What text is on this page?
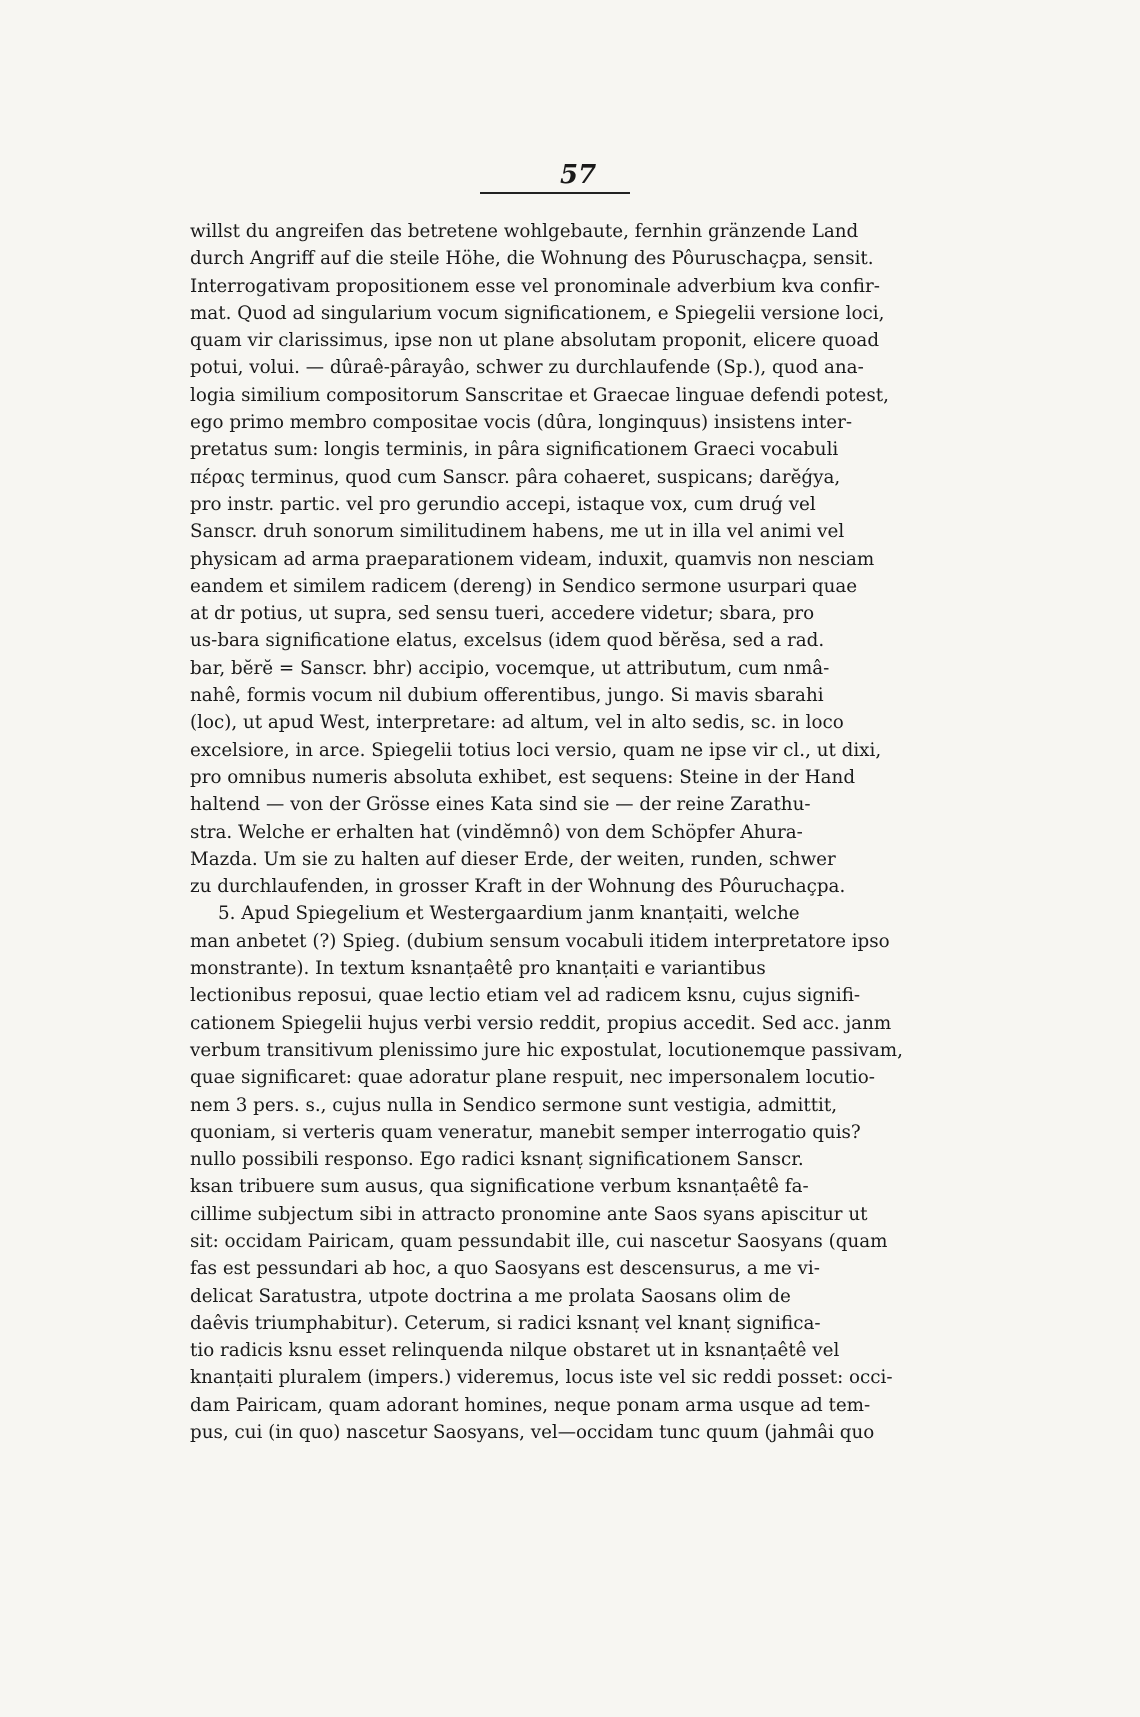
57
willst du angreifen das betretene wohlgebaute, fernhin gränzende Land
durch Angriff auf die steile Höhe, die Wohnung des Pôuruschaçpa, sensit.
Interrogativam propositionem esse vel pronominale adverbium kva confir-
mat. Quod ad singularium vocum significationem, e Spiegelii versione loci,
quam vir clarissimus, ipse non ut plane absolutam proponit, elicere quoad
potui, volui. — dûraê-pârayâo, schwer zu durchlaufende (Sp.), quod ana-
logia similium compositorum Sanscritae et Graecae linguae defendi potest,
ego primo membro compositae vocis (dûra, longinquus) insistens inter-
pretatus sum: longis terminis, in pâra significationem Graeci vocabuli
πέρας terminus, quod cum Sanscr. pâra cohaeret, suspicans; darĕǵya,
pro instr. partic. vel pro gerundio accepi, istaque vox, cum druǵ vel
Sanscr. druh sonorum similitudinem habens, me ut in illa vel animi vel
physicam ad arma praeparationem videam, induxit, quamvis non nesciam
eandem et similem radicem (dereng) in Sendico sermone usurpari quae
at dr potius, ut supra, sed sensu tueri, accedere videtur; sbara, pro
us-bara significatione elatus, excelsus (idem quod bĕrĕsa, sed a rad.
bar, bĕrĕ = Sanscr. bhr) accipio, vocemque, ut attributum, cum nmâ-
nahê, formis vocum nil dubium offerentibus, jungo. Si mavis sbarahi
(loc), ut apud West, interpretare: ad altum, vel in alto sedis, sc. in loco
excelsiore, in arce. Spiegelii totius loci versio, quam ne ipse vir cl., ut dixi,
pro omnibus numeris absoluta exhibet, est sequens: Steine in der Hand
haltend — von der Grösse eines Kata sind sie — der reine Zarathu-
stra. Welche er erhalten hat (vindĕmnô) von dem Schöpfer Ahura-
Mazda. Um sie zu halten auf dieser Erde, der weiten, runden, schwer
zu durchlaufenden, in grosser Kraft in der Wohnung des Pôuruchaçpa.
5. Apud Spiegelium et Westergaardium janm knanṭaiti, welche
man anbetet (?) Spieg. (dubium sensum vocabuli itidem interpretatore ipso
monstrante). In textum ksnanṭaêtê pro knanṭaiti e variantibus
lectionibus reposui, quae lectio etiam vel ad radicem ksnu, cujus signifi-
cationem Spiegelii hujus verbi versio reddit, propius accedit. Sed acc. janm
verbum transitivum plenissimo jure hic expostulat, locutionemque passivam,
quae significaret: quae adoratur plane respuit, nec impersonalem locutio-
nem 3 pers. s., cujus nulla in Sendico sermone sunt vestigia, admittit,
quoniam, si verteris quam veneratur, manebit semper interrogatio quis?
nullo possibili responso. Ego radici ksnanṭ significationem Sanscr.
ksan tribuere sum ausus, qua significatione verbum ksnanṭaêtê fa-
cillime subjectum sibi in attracto pronomine ante Saos syans apiscitur ut
sit: occidam Pairicam, quam pessundabit ille, cui nascetur Saosyans (quam
fas est pessundari ab hoc, a quo Saosyans est descensurus, a me vi-
delicat Saratustra, utpote doctrina a me prolata Saosans olim de
daêvis triumphabitur). Ceterum, si radici ksnanṭ vel knanṭ significa-
tio radicis ksnu esset relinquenda nilque obstaret ut in ksnanṭaêtê vel
knanṭaiti pluralem (impers.) videremus, locus iste vel sic reddi posset: occi-
dam Pairicam, quam adorant homines, neque ponam arma usque ad tem-
pus, cui (in quo) nascetur Saosyans, vel—occidam tunc quum (jahmâi quo
